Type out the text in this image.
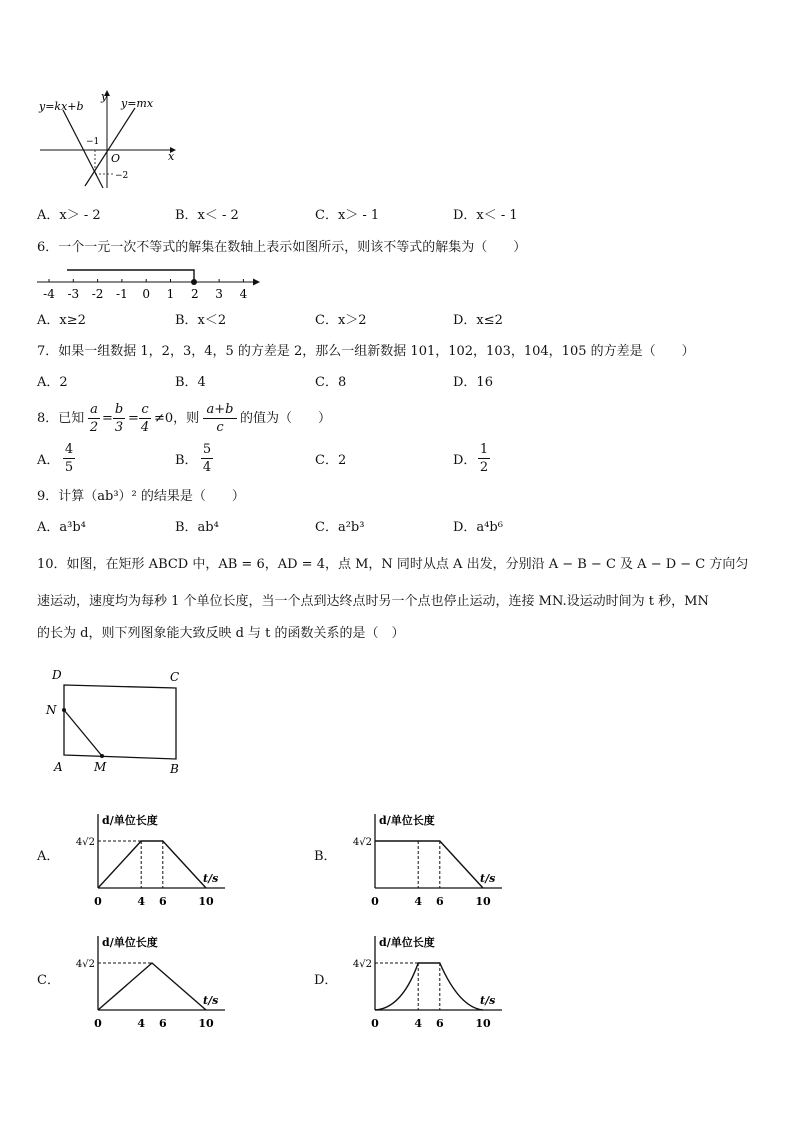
y=kx+b	y=mx
y
x
O
−1
−2
A．x＞ - 2	B．x＜ - 2	C．x＞ - 1	D．x＜ - 1
6．一个一元一次不等式的解集在数轴上表示如图所示，则该不等式的解集为（　　）
-4 -3 -2 -1 0 1 2 3 4
A．x≥2	B．x＜2	C．x＞2	D．x≤2
7．如果一组数据 1，2，3，4，5 的方差是 2，那么一组新数据 101，102，103，104，105 的方差是（　　）
A．2	B．4	C．8	D．16
8．已知
a
2
=
b
3
=
c
4
≠0，则
a+b
c
的值为（　　）
A．
4
5	B．
5
4	C．2	D．
1
2
9．计算（ab³）² 的结果是（　　）
A．a³b⁴	B．ab⁴	C．a²b³	D．a⁴b⁶
10．如图，在矩形 ABCD 中，AB = 6，AD = 4，点 M，N 同时从点 A 出发，分别沿 A − B − C 及 A − D − C 方向匀
速运动，速度均为每秒 1 个单位长度，当一个点到达终点时另一个点也停止运动，连接 MN.设运动时间为 t 秒，MN
的长为 d，则下列图象能大致反映 d 与 t 的函数关系的是（　）
D	C
N
A	M	B
A．	B．
C．	D．
d/单位长度
t/s
4√2
0	4 6	10
d/单位长度
t/s
4√2
0	4 6	10
d/单位长度
t/s
4√2
0	4 6	10
d/单位长度
t/s
4√2
0	4 6	10
